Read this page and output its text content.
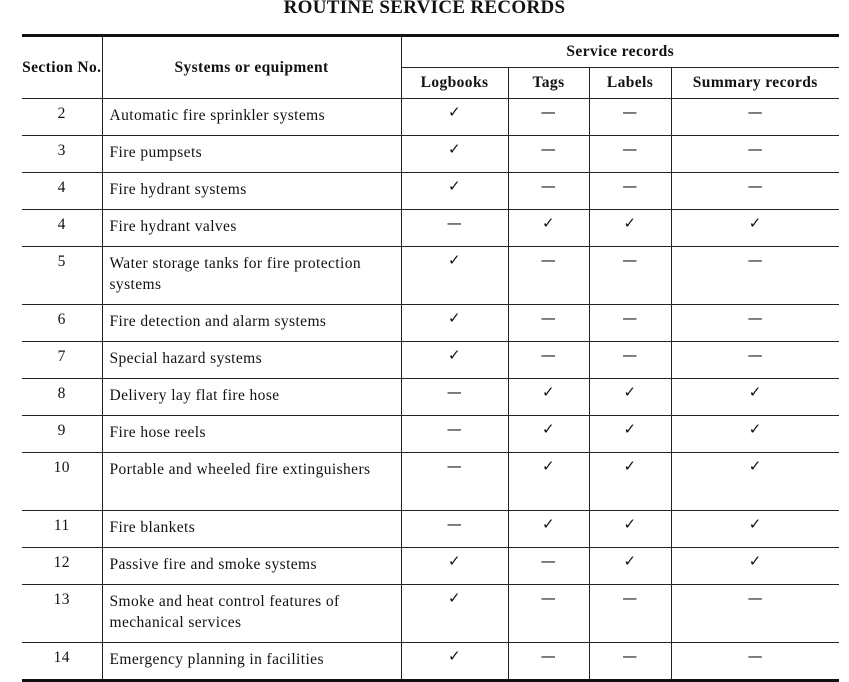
ROUTINE SERVICE RECORDS
Section No.	Systems or equipment	Service records			
		Logbooks	Tags	Labels	Summary records
2	Automatic fire sprinkler systems	✓	—	—	—
3	Fire pumpsets	✓	—	—	—
4	Fire hydrant systems	✓	—	—	—
4	Fire hydrant valves	—	✓	✓	✓
5	Water storage tanks for fire protection systems	✓	—	—	—
6	Fire detection and alarm systems	✓	—	—	—
7	Special hazard systems	✓	—	—	—
8	Delivery lay flat fire hose	—	✓	✓	✓
9	Fire hose reels	—	✓	✓	✓
10	Portable and wheeled fire extinguishers	—	✓	✓	✓
11	Fire blankets	—	✓	✓	✓
12	Passive fire and smoke systems	✓	—	✓	✓
13	Smoke and heat control features of mechanical services	✓	—	—	—
14	Emergency planning in facilities	✓	—	—	—
